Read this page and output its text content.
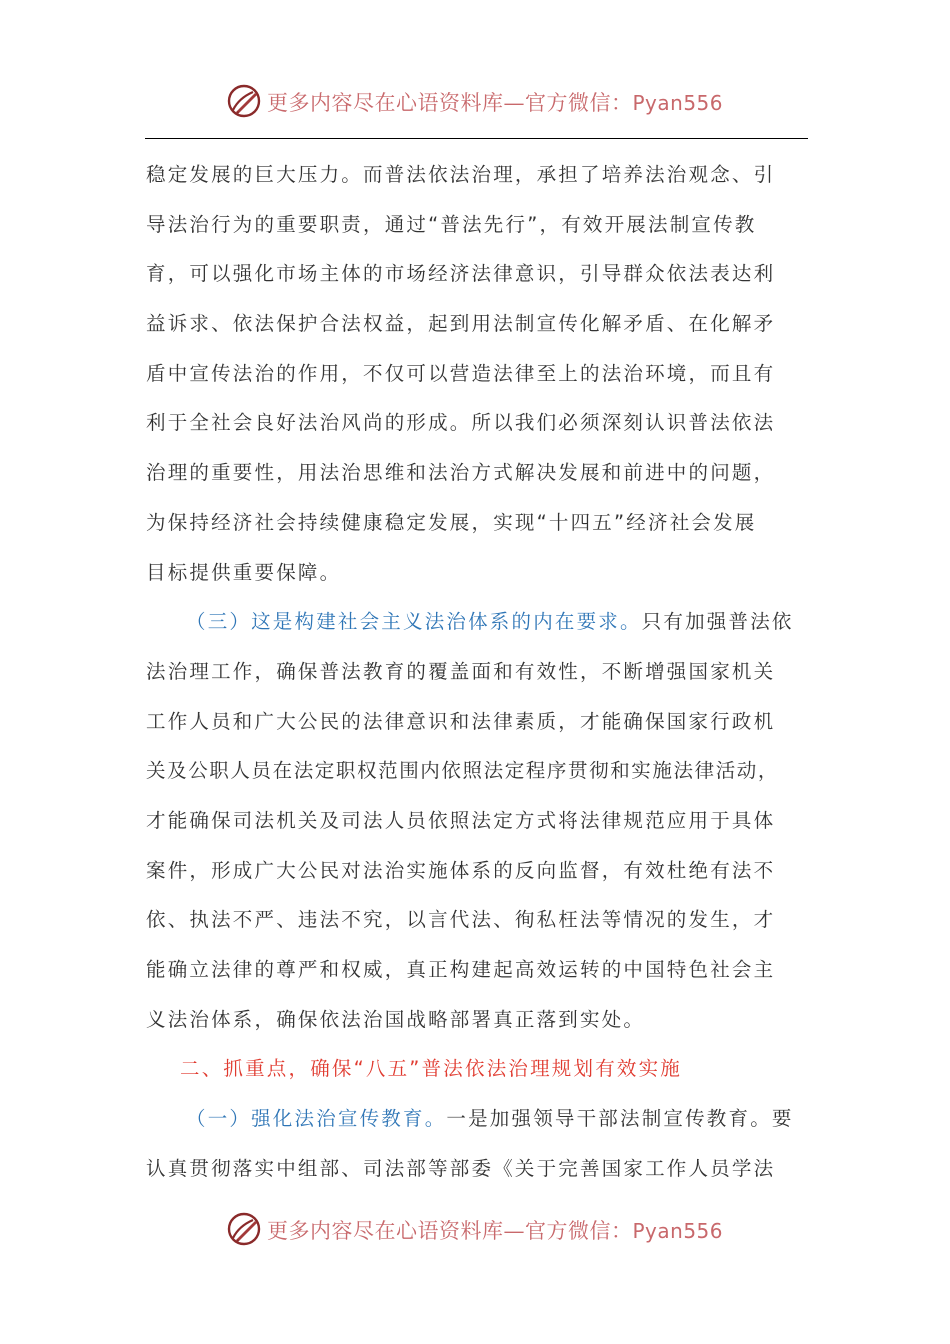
更多内容尽在心语资料库—官方微信：Pyan556
稳定发展的巨大压力。而普法依法治理，承担了培养法治观念、引
导法治行为的重要职责，通过“普法先行”，有效开展法制宣传教
育，可以强化市场主体的市场经济法律意识，引导群众依法表达利
益诉求、依法保护合法权益，起到用法制宣传化解矛盾、在化解矛
盾中宣传法治的作用，不仅可以营造法律至上的法治环境，而且有
利于全社会良好法治风尚的形成。所以我们必须深刻认识普法依法
治理的重要性，用法治思维和法治方式解决发展和前进中的问题，
为保持经济社会持续健康稳定发展，实现“十四五”经济社会发展
目标提供重要保障。
（三）这是构建社会主义法治体系的内在要求。只有加强普法依
法治理工作，确保普法教育的覆盖面和有效性，不断增强国家机关
工作人员和广大公民的法律意识和法律素质，才能确保国家行政机
关及公职人员在法定职权范围内依照法定程序贯彻和实施法律活动，
才能确保司法机关及司法人员依照法定方式将法律规范应用于具体
案件，形成广大公民对法治实施体系的反向监督，有效杜绝有法不
依、执法不严、违法不究，以言代法、徇私枉法等情况的发生，才
能确立法律的尊严和权威，真正构建起高效运转的中国特色社会主
义法治体系，确保依法治国战略部署真正落到实处。
二、抓重点，确保“八五”普法依法治理规划有效实施
（一）强化法治宣传教育。一是加强领导干部法制宣传教育。要
认真贯彻落实中组部、司法部等部委《关于完善国家工作人员学法
更多内容尽在心语资料库—官方微信：Pyan556
